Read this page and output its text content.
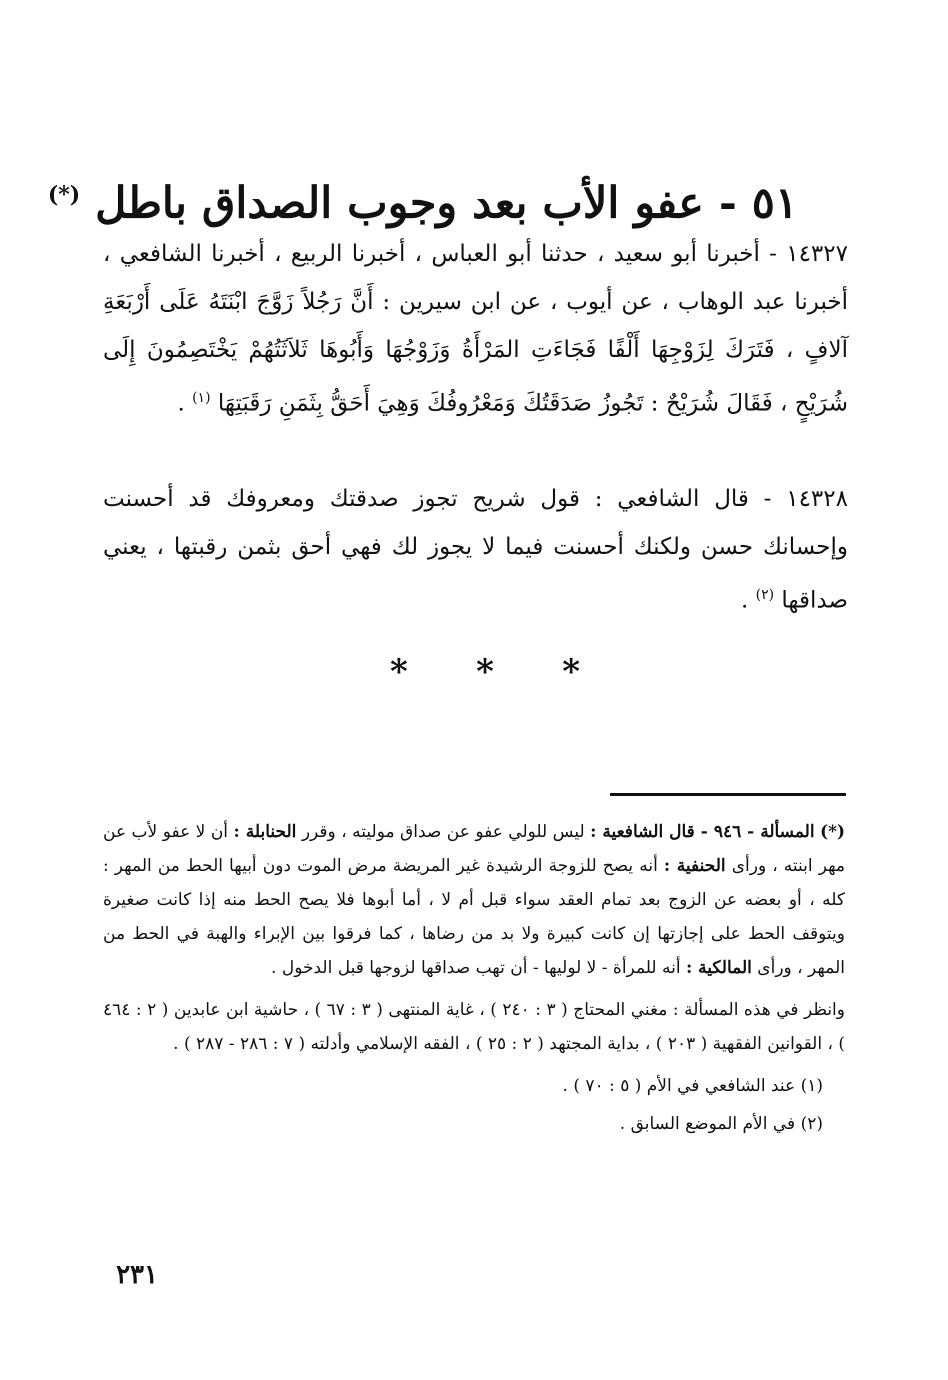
٥١ - عفو الأب بعد وجوب الصداق باطل (*)

١٤٣٢٧ - أخبرنا أبو سعيد ، حدثنا أبو العباس ، أخبرنا الربيع ، أخبرنا الشافعي ، أخبرنا عبد الوهاب ، عن أيوب ، عن ابن سيرين : أَنَّ رَجُلاً زَوَّجَ ابْنَتَهُ عَلَى أَرْبَعَةِ آلافٍ ، فَتَرَكَ لِزَوْجِهَا أَلْفًا فَجَاءَتِ المَرْأَةُ وَزَوْجُهَا وَأَبُوهَا ثَلاَثَتُهُمْ يَخْتَصِمُونَ إِلَى شُرَيْحٍ ، فَقَالَ شُرَيْحٌ : تَجُوزُ صَدَقَتُكَ وَمَعْرُوفُكَ وَهِيَ أَحَقُّ بِثَمَنِ رَقَبَتِهَا $^{(١)}$ .

١٤٣٢٨ - قال الشافعي : قول شريح تجوز صدقتك ومعروفك قد أحسنت وإحسانك حسن ولكنك أحسنت فيما لا يجوز لك فهي أحق بثمن رقبتها ، يعني صداقها $^{(٢)}$ .

* * *

(*) المسألة - ٩٤٦ - قال الشافعية : ليس للولي عفو عن صداق موليته ، وقرر الحنابلة : أن لا عفو لأب عن مهر ابنته ، ورأى الحنفية : أنه يصح للزوجة الرشيدة غير المريضة مرض الموت دون أبيها الحط من المهر : كله ، أو بعضه عن الزوج بعد تمام العقد سواء قبل أم لا ، أما أبوها فلا يصح الحط منه إذا كانت صغيرة ويتوقف الحط على إجازتها إن كانت كبيرة ولا بد من رضاها ، كما فرقوا بين الإبراء والهبة في الحط من المهر ، ورأى المالكية : أنه للمرأة - لا لوليها - أن تهب صداقها لزوجها قبل الدخول .

وانظر في هذه المسألة : مغني المحتاج ( ٣ : ٢٤٠ ) ، غاية المنتهى ( ٣ : ٦٧ ) ، حاشية ابن عابدين ( ٢ : ٤٦٤ ) ، القوانين الفقهية ( ٢٠٣ ) ، بداية المجتهد ( ٢ : ٢٥ ) ، الفقه الإسلامي وأدلته ( ٧ : ٢٨٦ - ٢٨٧ ) .

(١) عند الشافعي في الأم ( ٥ : ٧٠ ) .

(٢) في الأم الموضع السابق .

٢٣١
